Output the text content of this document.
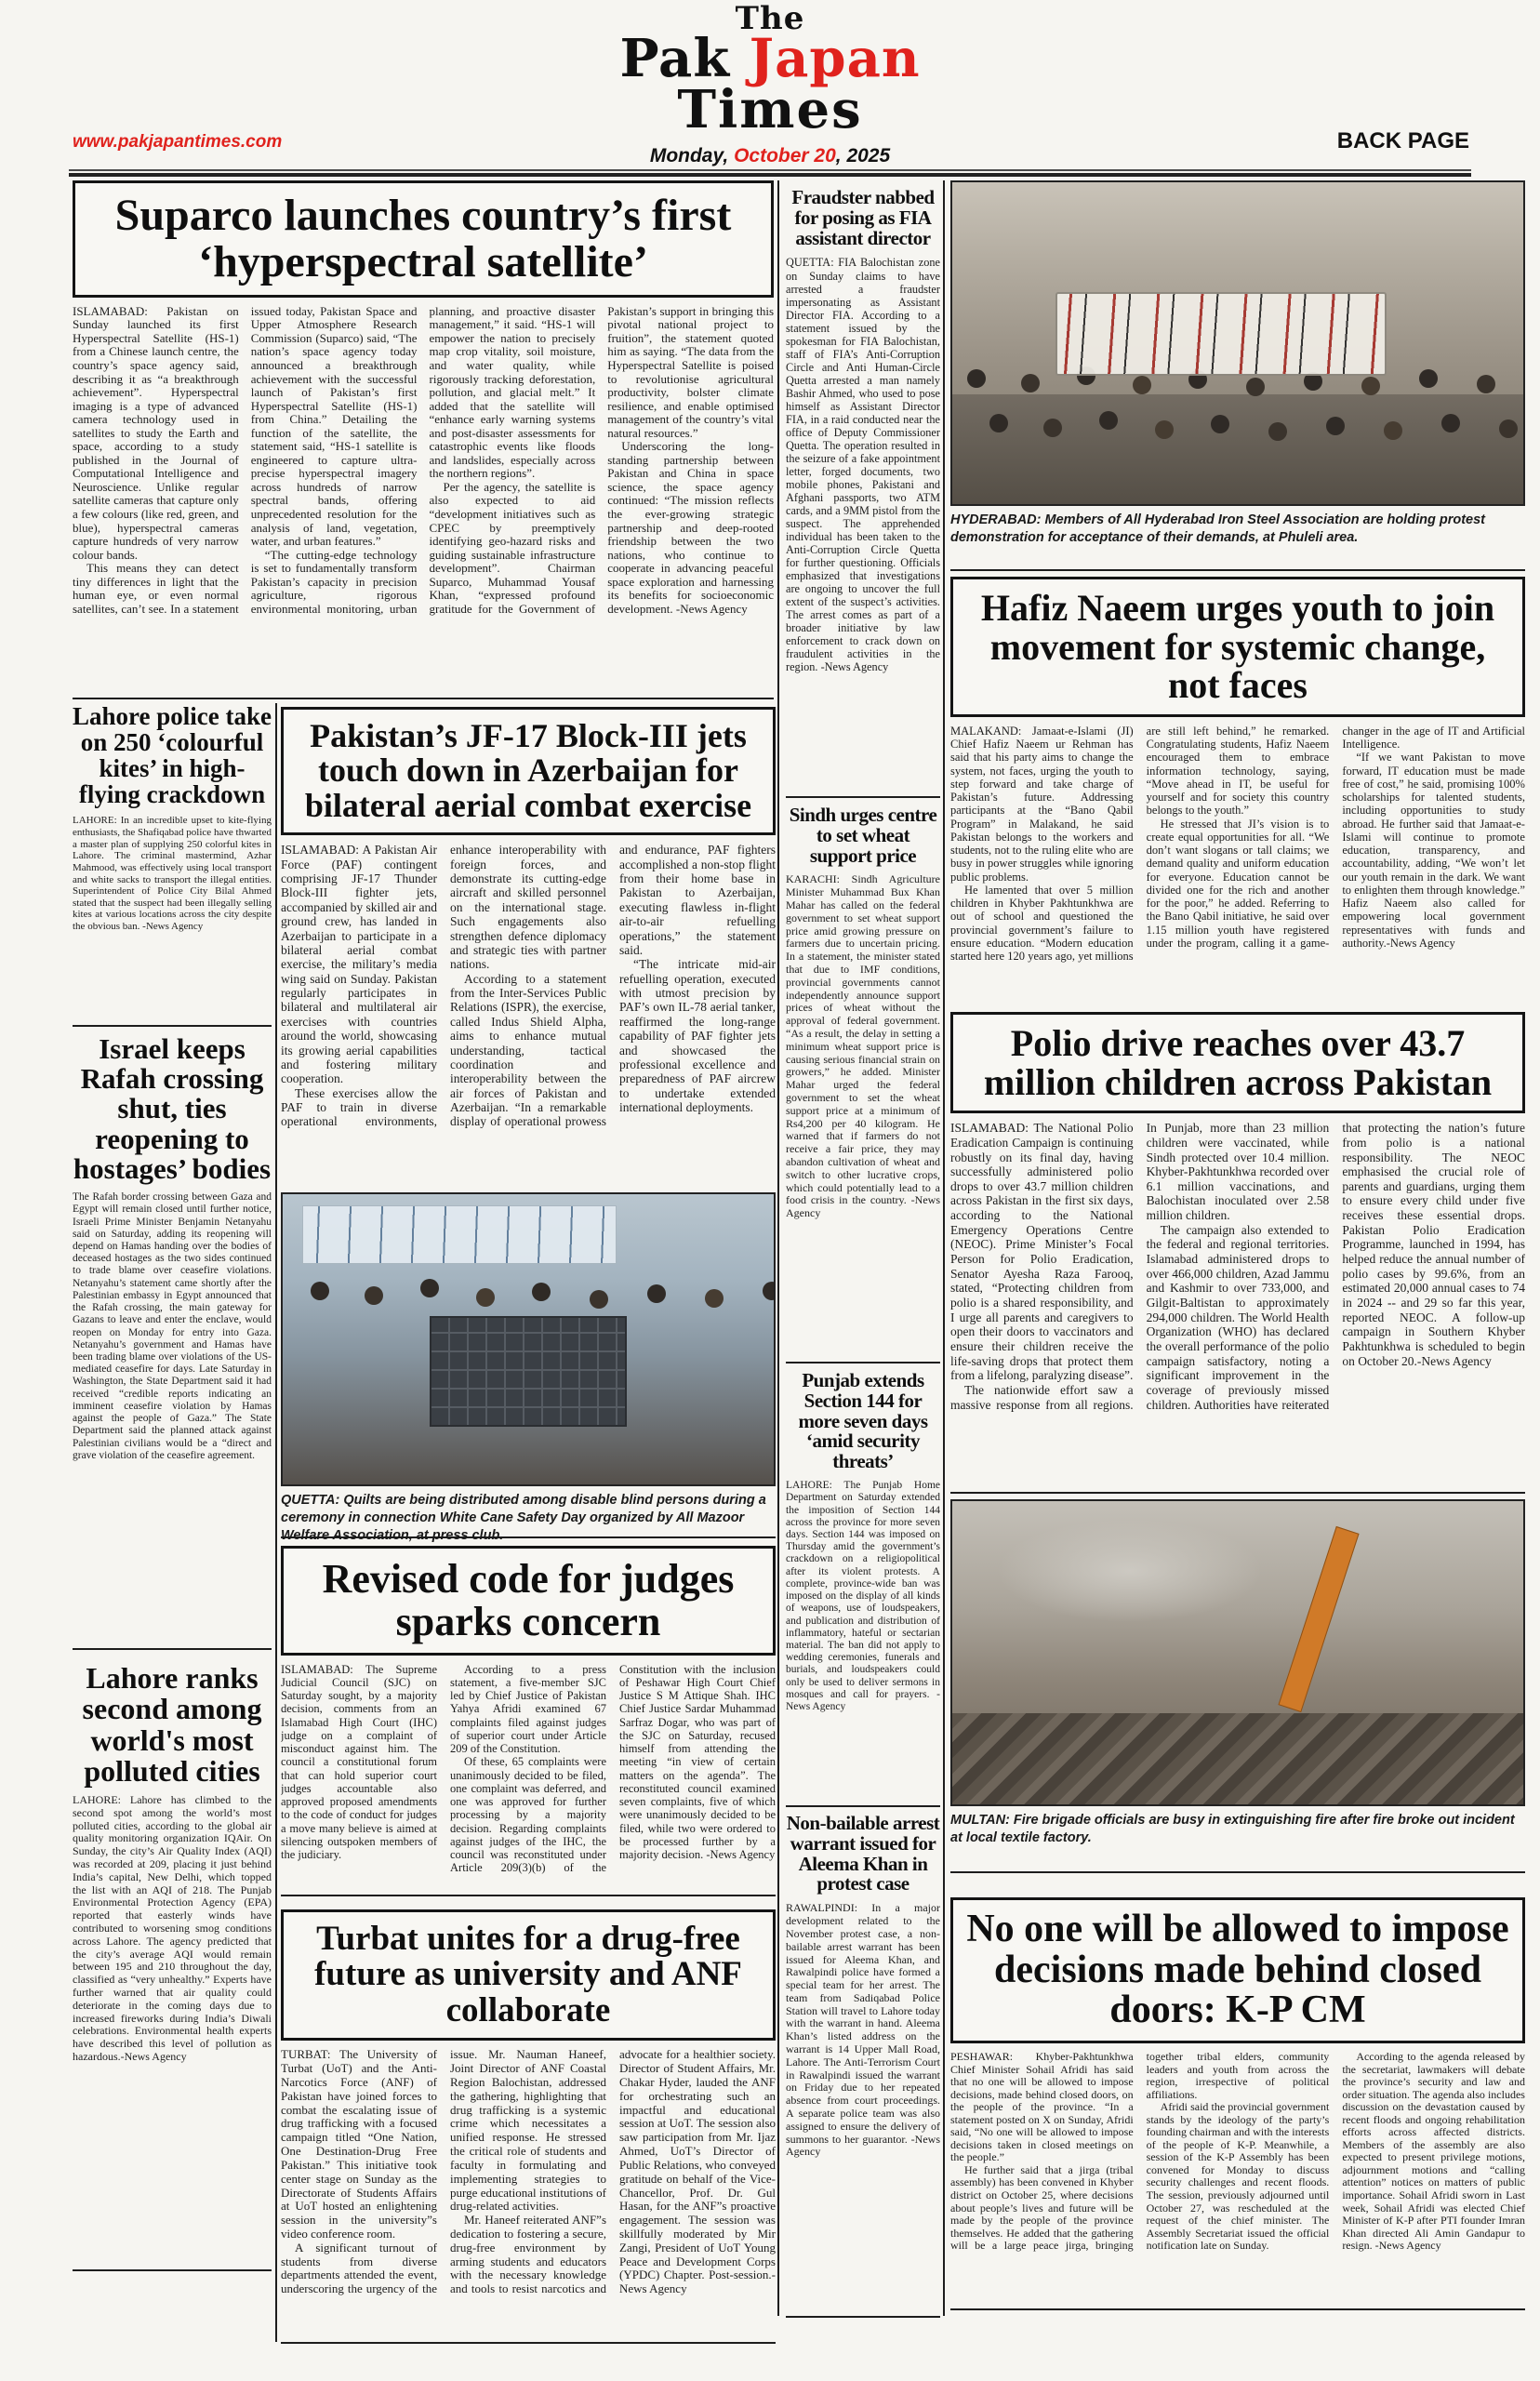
The
Pak Japan
Times
www.pakjapantimes.com
Monday, October 20, 2025
BACK PAGE
Suparco launches country’s first ‘hyperspectral satellite’

ISLAMABAD: Pakistan on Sunday launched its first Hyperspectral Satellite (HS-1) from a Chinese launch centre, the country’s space agency said, describing it as “a breakthrough achievement”. Hyperspectral imaging is a type of advanced camera technology used in satellites to study the Earth and space, according to a study published in the Journal of Computational Intelligence and Neuroscience. Unlike regular satellite cameras that capture only a few colours (like red, green, and blue), hyperspectral cameras capture hundreds of very narrow colour bands.

This means they can detect tiny differences in light that the human eye, or even normal satellites, can’t see. In a statement issued today, Pakistan Space and Upper Atmosphere Research Commission (Suparco) said, “The nation’s space agency today announced a breakthrough achievement with the successful launch of Pakistan’s first Hyperspectral Satellite (HS-1) from China.” Detailing the function of the satellite, the statement said, “HS-1 satellite is engineered to capture ultra-precise hyperspectral imagery across hundreds of narrow spectral bands, offering unprecedented resolution for the analysis of land, vegetation, water, and urban features.”

“The cutting-edge technology is set to fundamentally transform Pakistan’s capacity in precision agriculture, rigorous environmental monitoring, urban planning, and proactive disaster management,” it said. “HS-1 will empower the nation to precisely map crop vitality, soil moisture, and water quality, while rigorously tracking deforestation, pollution, and glacial melt.” It added that the satellite will “enhance early warning systems and post-disaster assessments for catastrophic events like floods and landslides, especially across the northern regions”.

Per the agency, the satellite is also expected to aid “development initiatives such as CPEC by preemptively identifying geo-hazard risks and guiding sustainable infrastructure development”. Chairman Suparco, Muhammad Yousaf Khan, “expressed profound gratitude for the Government of Pakistan’s support in bringing this pivotal national project to fruition”, the statement quoted him as saying. “The data from the Hyperspectral Satellite is poised to revolutionise agricultural productivity, bolster climate resilience, and enable optimised management of the country’s vital natural resources.”

Underscoring the long-standing partnership between Pakistan and China in space science, the space agency continued: “The mission reflects the ever-growing strategic partnership and deep-rooted friendship between the two nations, who continue to cooperate in advancing peaceful space exploration and harnessing its benefits for socioeconomic development. -News Agency

Fraudster nabbed for posing as FIA assistant director

QUETTA: FIA Balochistan zone on Sunday claims to have arrested a fraudster impersonating as Assistant Director FIA. According to a statement issued by the spokesman for FIA Balochistan, staff of FIA’s Anti-Corruption Circle and Anti Human-Circle Quetta arrested a man namely Bashir Ahmed, who used to pose himself as Assistant Director FIA, in a raid conducted near the office of Deputy Commissioner Quetta. The operation resulted in the seizure of a fake appointment letter, forged documents, two mobile phones, Pakistani and Afghani passports, two ATM cards, and a 9MM pistol from the suspect. The apprehended individual has been taken to the Anti-Corruption Circle Quetta for further questioning. Officials emphasized that investigations are ongoing to uncover the full extent of the suspect’s activities. The arrest comes as part of a broader initiative by law enforcement to crack down on fraudulent activities in the region. -News Agency

HYDERABAD: Members of All Hyderabad Iron Steel Association are holding protest demonstration for acceptance of their demands, at Phuleli area.
Hafiz Naeem urges youth to join movement for systemic change, not faces

MALAKAND: Jamaat-e-Islami (JI) Chief Hafiz Naeem ur Rehman has said that his party aims to change the system, not faces, urging the youth to step forward and take charge of Pakistan’s future. Addressing participants at the “Bano Qabil Program” in Malakand, he said Pakistan belongs to the workers and students, not to the ruling elite who are busy in power struggles while ignoring public problems.

He lamented that over 5 million children in Khyber Pakhtunkhwa are out of school and questioned the provincial government’s failure to ensure education. “Modern education started here 120 years ago, yet millions are still left behind,” he remarked. Congratulating students, Hafiz Naeem encouraged them to embrace information technology, saying, “Move ahead in IT, be useful for yourself and for society this country belongs to the youth.”

He stressed that JI’s vision is to create equal opportunities for all. “We don’t want slogans or tall claims; we demand quality and uniform education for everyone. Education cannot be divided one for the rich and another for the poor,” he added. Referring to the Bano Qabil initiative, he said over 1.15 million youth have registered under the program, calling it a game-changer in the age of IT and Artificial Intelligence.

“If we want Pakistan to move forward, IT education must be made free of cost,” he said, promising 100% scholarships for talented students, including opportunities to study abroad. He further said that Jamaat-e-Islami will continue to promote education, transparency, and accountability, adding, “We won’t let our youth remain in the dark. We want to enlighten them through knowledge.” Hafiz Naeem also called for empowering local government representatives with funds and authority.-News Agency

Lahore police take on 250 ‘colourful kites’ in high-flying crackdown

LAHORE: In an incredible upset to kite-flying enthusiasts, the Shafiqabad police have thwarted a master plan of supplying 250 colorful kites in Lahore. The criminal mastermind, Azhar Mahmood, was effectively using local transport and white sacks to transport the illegal entities. Superintendent of Police City Bilal Ahmed stated that the suspect had been illegally selling kites at various locations across the city despite the obvious ban. -News Agency

Israel keeps Rafah crossing shut, ties reopening to hostages’ bodies

The Rafah border crossing between Gaza and Egypt will remain closed until further notice, Israeli Prime Minister Benjamin Netanyahu said on Saturday, adding its reopening will depend on Hamas handing over the bodies of deceased hostages as the two sides continued to trade blame over ceasefire violations. Netanyahu’s statement came shortly after the Palestinian embassy in Egypt announced that the Rafah crossing, the main gateway for Gazans to leave and enter the enclave, would reopen on Monday for entry into Gaza. Netanyahu’s government and Hamas have been trading blame over violations of the US-mediated ceasefire for days. Late Saturday in Washington, the State Department said it had received “credible reports indicating an imminent ceasefire violation by Hamas against the people of Gaza.” The State Department said the planned attack against Palestinian civilians would be a “direct and grave violation of the ceasefire agreement.

Lahore ranks second among world's most polluted cities

LAHORE: Lahore has climbed to the second spot among the world’s most polluted cities, according to the global air quality monitoring organization IQAir. On Sunday, the city’s Air Quality Index (AQI) was recorded at 209, placing it just behind India’s capital, New Delhi, which topped the list with an AQI of 218. The Punjab Environmental Protection Agency (EPA) reported that easterly winds have contributed to worsening smog conditions across Lahore. The agency predicted that the city’s average AQI would remain between 195 and 210 throughout the day, classified as “very unhealthy.” Experts have further warned that air quality could deteriorate in the coming days due to increased fireworks during India’s Diwali celebrations. Environmental health experts have described this level of pollution as hazardous.-News Agency

Pakistan’s JF-17 Block-III jets touch down in Azerbaijan for bilateral aerial combat exercise

ISLAMABAD: A Pakistan Air Force (PAF) contingent comprising JF-17 Thunder Block-III fighter jets, accompanied by skilled air and ground crew, has landed in Azerbaijan to participate in a bilateral aerial combat exercise, the military’s media wing said on Sunday. Pakistan regularly participates in bilateral and multilateral air exercises with countries around the world, showcasing its growing aerial capabilities and fostering military cooperation.

These exercises allow the PAF to train in diverse operational environments, enhance interoperability with foreign forces, and demonstrate its cutting-edge aircraft and skilled personnel on the international stage. Such engagements also strengthen defence diplomacy and strategic ties with partner nations.

According to a statement from the Inter-Services Public Relations (ISPR), the exercise, called Indus Shield Alpha, aims to enhance mutual understanding, tactical coordination and interoperability between the air forces of Pakistan and Azerbaijan. “In a remarkable display of operational prowess and endurance, PAF fighters accomplished a non-stop flight from their home base in Pakistan to Azerbaijan, executing flawless in-flight air-to-air refuelling operations,” the statement said.

“The intricate mid-air refuelling operation, executed with utmost precision by PAF’s own IL-78 aerial tanker, reaffirmed the long-range capability of PAF fighter jets and showcased the professional excellence and preparedness of PAF aircrew to undertake extended international deployments.

QUETTA: Quilts are being distributed among disable blind persons during a ceremony in connection White Cane Safety Day organized by All Mazoor Welfare Association, at press club.
Revised code for judges sparks concern

ISLAMABAD: The Supreme Judicial Council (SJC) on Saturday sought, by a majority decision, comments from an Islamabad High Court (IHC) judge on a complaint of misconduct against him. The council a constitutional forum that can hold superior court judges accountable also approved proposed amendments to the code of conduct for judges a move many believe is aimed at silencing outspoken members of the judiciary.

According to a press statement, a five-member SJC led by Chief Justice of Pakistan Yahya Afridi examined 67 complaints filed against judges of superior court under Article 209 of the Constitution.

Of these, 65 complaints were unanimously decided to be filed, one complaint was deferred, and one was approved for further processing by a majority decision. Regarding complaints against judges of the IHC, the council was reconstituted under Article 209(3)(b) of the Constitution with the inclusion of Peshawar High Court Chief Justice S M Attique Shah. IHC Chief Justice Sardar Muhammad Sarfraz Dogar, who was part of the SJC on Saturday, recused himself from attending the meeting “in view of certain matters on the agenda”. The reconstituted council examined seven complaints, five of which were unanimously decided to be filed, while two were ordered to be processed further by a majority decision. -News Agency

Turbat unites for a drug-free future as university and ANF collaborate

TURBAT: The University of Turbat (UoT) and the Anti-Narcotics Force (ANF) of Pakistan have joined forces to combat the escalating issue of drug trafficking with a focused campaign titled “One Nation, One Destination-Drug Free Pakistan.” This initiative took center stage on Sunday as the Directorate of Students Affairs at UoT hosted an enlightening session in the university”s video conference room.

A significant turnout of students from diverse departments attended the event, underscoring the urgency of the issue. Mr. Nauman Haneef, Joint Director of ANF Coastal Region Balochistan, addressed the gathering, highlighting that drug trafficking is a systemic crime which necessitates a unified response. He stressed the critical role of students and faculty in formulating and implementing strategies to purge educational institutions of drug-related activities.

Mr. Haneef reiterated ANF”s dedication to fostering a secure, drug-free environment by arming students and educators with the necessary knowledge and tools to resist narcotics and advocate for a healthier society. Director of Student Affairs, Mr. Chakar Hyder, lauded the ANF for orchestrating such an impactful and educational session at UoT. The session also saw participation from Mr. Ijaz Ahmed, UoT’s Director of Public Relations, who conveyed gratitude on behalf of the Vice-Chancellor, Prof. Dr. Gul Hasan, for the ANF”s proactive engagement. The session was skillfully moderated by Mir Zangi, President of UoT Young Peace and Development Corps (YPDC) Chapter. Post-session.-News Agency

Sindh urges centre to set wheat support price

KARACHI: Sindh Agriculture Minister Muhammad Bux Khan Mahar has called on the federal government to set wheat support price amid growing pressure on farmers due to uncertain pricing. In a statement, the minister stated that due to IMF conditions, provincial governments cannot independently announce support prices of wheat without the approval of federal government. “As a result, the delay in setting a minimum wheat support price is causing serious financial strain on growers,” he added. Minister Mahar urged the federal government to set the wheat support price at a minimum of Rs4,200 per 40 kilogram. He warned that if farmers do not receive a fair price, they may abandon cultivation of wheat and switch to other lucrative crops, which could potentially lead to a food crisis in the country. -News Agency

Punjab extends Section 144 for more seven days ‘amid security threats’

LAHORE: The Punjab Home Department on Saturday extended the imposition of Section 144 across the province for more seven days. Section 144 was imposed on Thursday amid the government’s crackdown on a religiopolitical after its violent protests. A complete, province-wide ban was imposed on the display of all kinds of weapons, use of loudspeakers, and publication and distribution of inflammatory, hateful or sectarian material. The ban did not apply to wedding ceremonies, funerals and burials, and loudspeakers could only be used to deliver sermons in mosques and call for prayers. -News Agency

Non-bailable arrest warrant issued for Aleema Khan in protest case

RAWALPINDI: In a major development related to the November protest case, a non-bailable arrest warrant has been issued for Aleema Khan, and Rawalpindi police have formed a special team for her arrest. The team from Sadiqabad Police Station will travel to Lahore today with the warrant in hand. Aleema Khan’s listed address on the warrant is 14 Upper Mall Road, Lahore. The Anti-Terrorism Court in Rawalpindi issued the warrant on Friday due to her repeated absence from court proceedings. A separate police team was also assigned to ensure the delivery of summons to her guarantor. -News Agency

Polio drive reaches over 43.7 million children across Pakistan

ISLAMABAD: The National Polio Eradication Campaign is continuing robustly on its final day, having successfully administered polio drops to over 43.7 million children across Pakistan in the first six days, according to the National Emergency Operations Centre (NEOC). Prime Minister’s Focal Person for Polio Eradication, Senator Ayesha Raza Farooq, stated, “Protecting children from polio is a shared responsibility, and I urge all parents and caregivers to open their doors to vaccinators and ensure their children receive the life-saving drops that protect them from a lifelong, paralyzing disease”.

The nationwide effort saw a massive response from all regions. In Punjab, more than 23 million children were vaccinated, while Sindh protected over 10.4 million. Khyber-Pakhtunkhwa recorded over 6.1 million vaccinations, and Balochistan inoculated over 2.58 million children.

The campaign also extended to the federal and regional territories. Islamabad administered drops to over 466,000 children, Azad Jammu and Kashmir to over 733,000, and Gilgit-Baltistan to approximately 294,000 children. The World Health Organization (WHO) has declared the overall performance of the polio campaign satisfactory, noting a significant improvement in the coverage of previously missed children. Authorities have reiterated that protecting the nation’s future from polio is a national responsibility. The NEOC emphasised the crucial role of parents and guardians, urging them to ensure every child under five receives these essential drops. Pakistan Polio Eradication Programme, launched in 1994, has helped reduce the annual number of polio cases by 99.6%, from an estimated 20,000 annual cases to 74 in 2024 -- and 29 so far this year, reported NEOC. A follow-up campaign in Southern Khyber Pakhtunkhwa is scheduled to begin on October 20.-News Agency

MULTAN: Fire brigade officials are busy in extinguishing fire after fire broke out incident at local textile factory.
No one will be allowed to impose decisions made behind closed doors: K-P CM

PESHAWAR: Khyber-Pakhtunkhwa Chief Minister Sohail Afridi has said that no one will be allowed to impose decisions, made behind closed doors, on the people of the province. “In a statement posted on X on Sunday, Afridi said, “No one will be allowed to impose decisions taken in closed meetings on the people.”

He further said that a jirga (tribal assembly) has been convened in Khyber district on October 25, where decisions about people’s lives and future will be made by the people of the province themselves. He added that the gathering will be a large peace jirga, bringing together tribal elders, community leaders and youth from across the region, irrespective of political affiliations.

Afridi said the provincial government stands by the ideology of the party’s founding chairman and with the interests of the people of K-P. Meanwhile, a session of the K-P Assembly has been convened for Monday to discuss security challenges and recent floods. The session, previously adjourned until October 27, was rescheduled at the request of the chief minister. The Assembly Secretariat issued the official notification late on Sunday.

According to the agenda released by the secretariat, lawmakers will debate the province’s security and law and order situation. The agenda also includes discussion on the devastation caused by recent floods and ongoing rehabilitation efforts across affected districts. Members of the assembly are also expected to present privilege motions, adjournment motions and “calling attention” notices on matters of public importance. Sohail Afridi sworn in Last week, Sohail Afridi was elected Chief Minister of K-P after PTI founder Imran Khan directed Ali Amin Gandapur to resign. -News Agency
